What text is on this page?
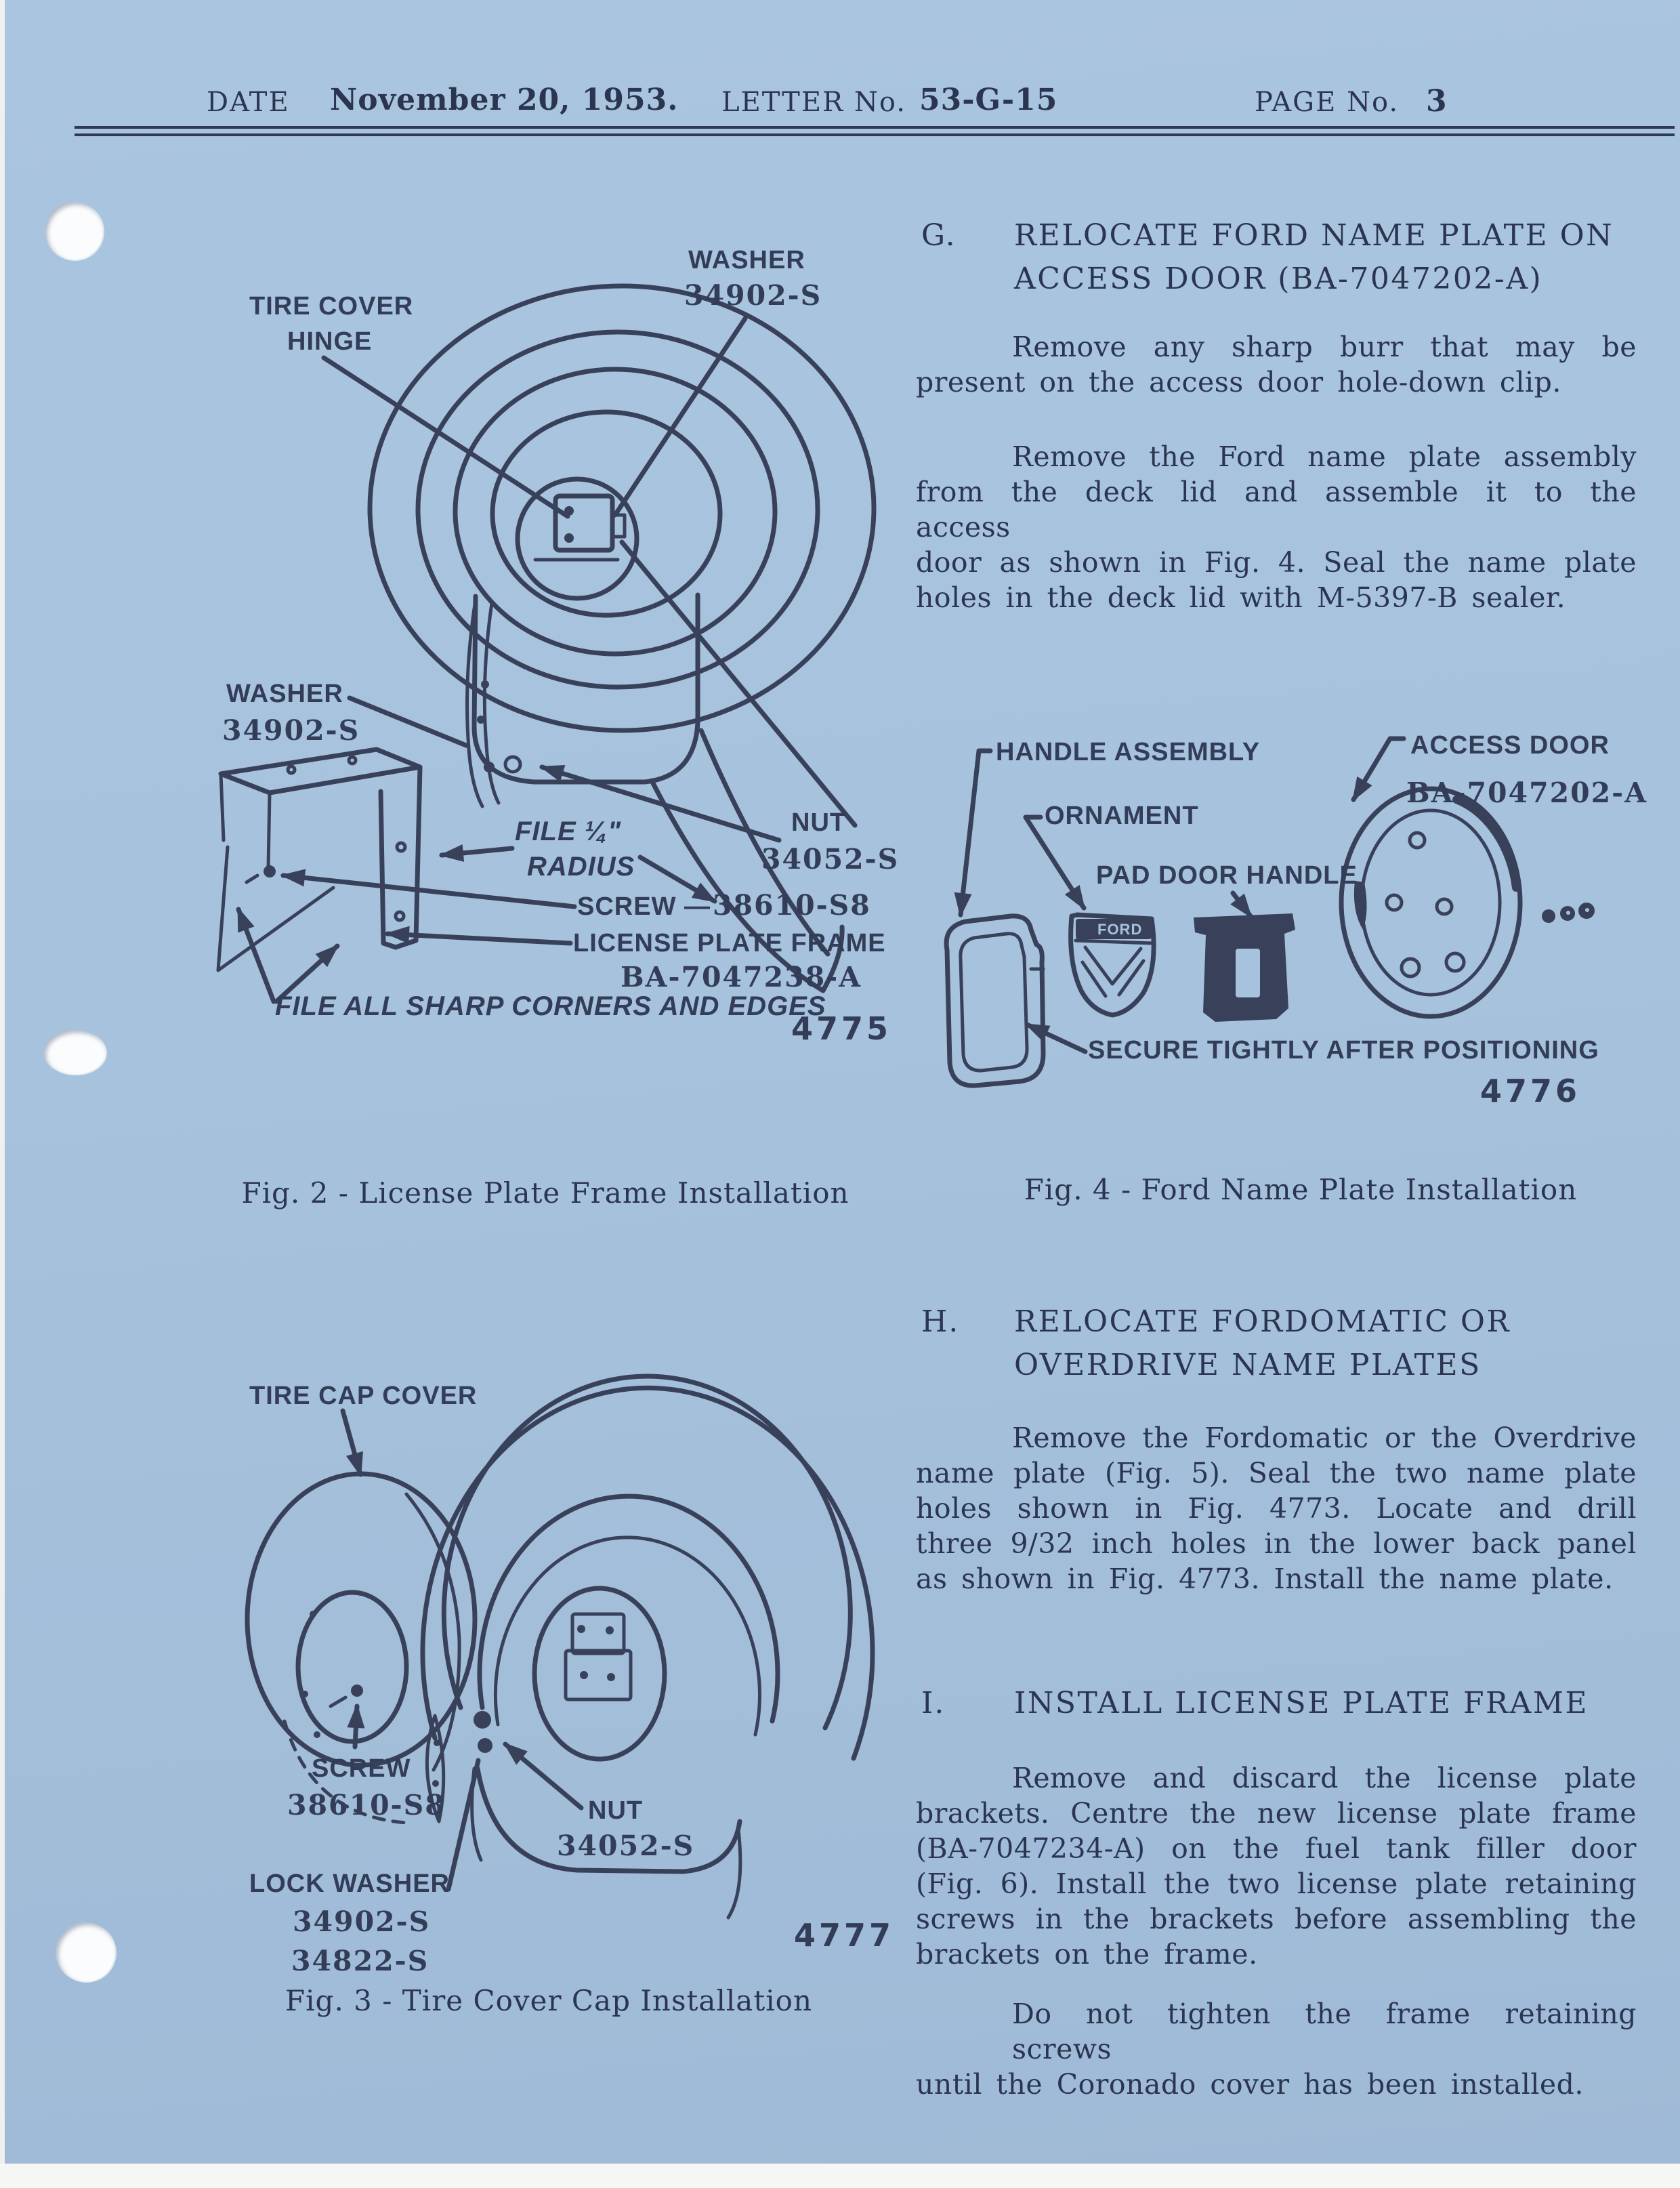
DATE November 20, 1953. LETTER No. 53-G-15	PAGE No. 3
WASHER
34902-S
TIRE COVER
HINGE
WASHER
34902-S
NUT
34052-S
FILE ¼"
RADIUS
SCREW — 38610-S8
LICENSE PLATE FRAME
BA-7047238-A
FILE ALL SHARP CORNERS AND EDGES
4775
Fig. 2 - License Plate Frame Installation
TIRE CAP COVER
SCREW
38610-S8	NUT
34052-S
LOCK WASHER
34902-S
34822-S
4777
Fig. 3 - Tire Cover Cap Installation
FORD
HANDLE ASSEMBLY
ORNAMENT
PAD DOOR HANDLE
ACCESS DOOR
BA-7047202-A
SECURE TIGHTLY AFTER POSITIONING
4776
Fig. 4 - Ford Name Plate Installation
G. RELOCATE FORD NAME PLATE ON
ACCESS DOOR (BA-7047202-A)
Remove any sharp burr that may be
present on the access door hole-down clip.
Remove the Ford name plate assembly
from the deck lid and assemble it to the access
door as shown in Fig. 4. Seal the name plate
holes in the deck lid with M-5397-B sealer.
H. RELOCATE FORDOMATIC OR
OVERDRIVE NAME PLATES
Remove the Fordomatic or the Overdrive
name plate (Fig. 5). Seal the two name plate
holes shown in Fig. 4773. Locate and drill
three 9/32 inch holes in the lower back panel
as shown in Fig. 4773. Install the name plate.
I. INSTALL LICENSE PLATE FRAME
Remove and discard the license plate
brackets. Centre the new license plate frame
(BA-7047234-A) on the fuel tank filler door
(Fig. 6). Install the two license plate retaining
screws in the brackets before assembling the
brackets on the frame.
Do not tighten the frame retaining screws
until the Coronado cover has been installed.
